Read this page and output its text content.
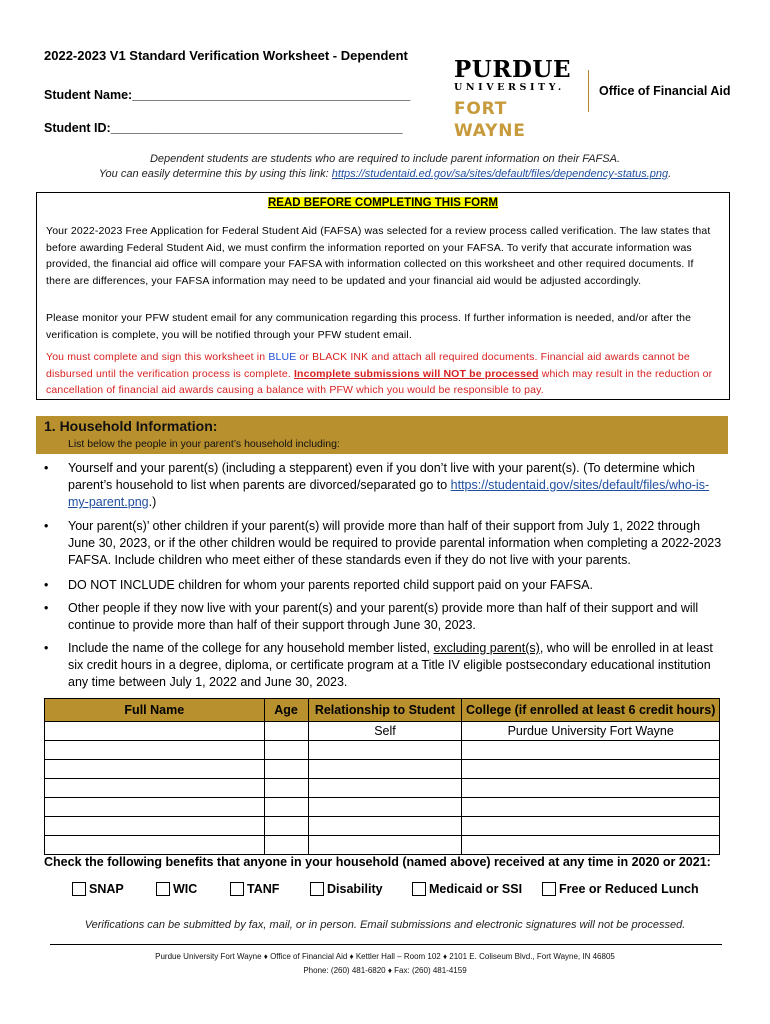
2022-2023 V1 Standard Verification Worksheet - Dependent
Student Name:________________________________________
Student ID:__________________________________________
PURDUE
UNIVERSITY.
FORT WAYNE
Office of Financial Aid
Dependent students are students who are required to include parent information on their FAFSA.
You can easily determine this by using this link: https://studentaid.ed.gov/sa/sites/default/files/dependency-status.png.
READ BEFORE COMPLETING THIS FORM

Your 2022-2023 Free Application for Federal Student Aid (FAFSA) was selected for a review process called verification. The law states that before awarding Federal Student Aid, we must confirm the information reported on your FAFSA. To verify that accurate information was provided, the financial aid office will compare your FAFSA with information collected on this worksheet and other required documents. If there are differences, your FAFSA information may need to be updated and your financial aid would be adjusted accordingly.

Please monitor your PFW student email for any communication regarding this process. If further information is needed, and/or after the verification is complete, you will be notified through your PFW student email.

You must complete and sign this worksheet in BLUE or BLACK INK and attach all required documents. Financial aid awards cannot be disbursed until the verification process is complete. Incomplete submissions will NOT be processed which may result in the reduction or cancellation of financial aid awards causing a balance with PFW which you would be responsible to pay.

1. Household Information:
List below the people in your parent’s household including:
• Yourself and your parent(s) (including a stepparent) even if you don’t live with your parent(s). (To determine which parent’s household to list when parents are divorced/separated go to https://studentaid.gov/sites/default/files/who-is-my-parent.png.)
• Your parent(s)’ other children if your parent(s) will provide more than half of their support from July 1, 2022 through June 30, 2023, or if the other children would be required to provide parental information when completing a 2022-2023 FAFSA. Include children who meet either of these standards even if they do not live with your parents.
• DO NOT INCLUDE children for whom your parents reported child support paid on your FAFSA.
• Other people if they now live with your parent(s) and your parent(s) provide more than half of their support and will continue to provide more than half of their support through June 30, 2023.
• Include the name of the college for any household member listed, excluding parent(s), who will be enrolled in at least six credit hours in a degree, diploma, or certificate program at a Title IV eligible postsecondary educational institution any time between July 1, 2022 and June 30, 2023.
Full Name	Age	Relationship to Student	College (if enrolled at least 6 credit hours)
		Self	Purdue University Fort Wayne

Check the following benefits that anyone in your household (named above) received at any time in 2020 or 2021:
SNAP	WIC	TANF	Disability	Medicaid or SSI	Free or Reduced Lunch
Verifications can be submitted by fax, mail, or in person. Email submissions and electronic signatures will not be processed.
Purdue University Fort Wayne ♦ Office of Financial Aid ♦ Kettler Hall – Room 102 ♦ 2101 E. Coliseum Blvd., Fort Wayne, IN 46805
Phone: (260) 481-6820 ♦ Fax: (260) 481-4159
